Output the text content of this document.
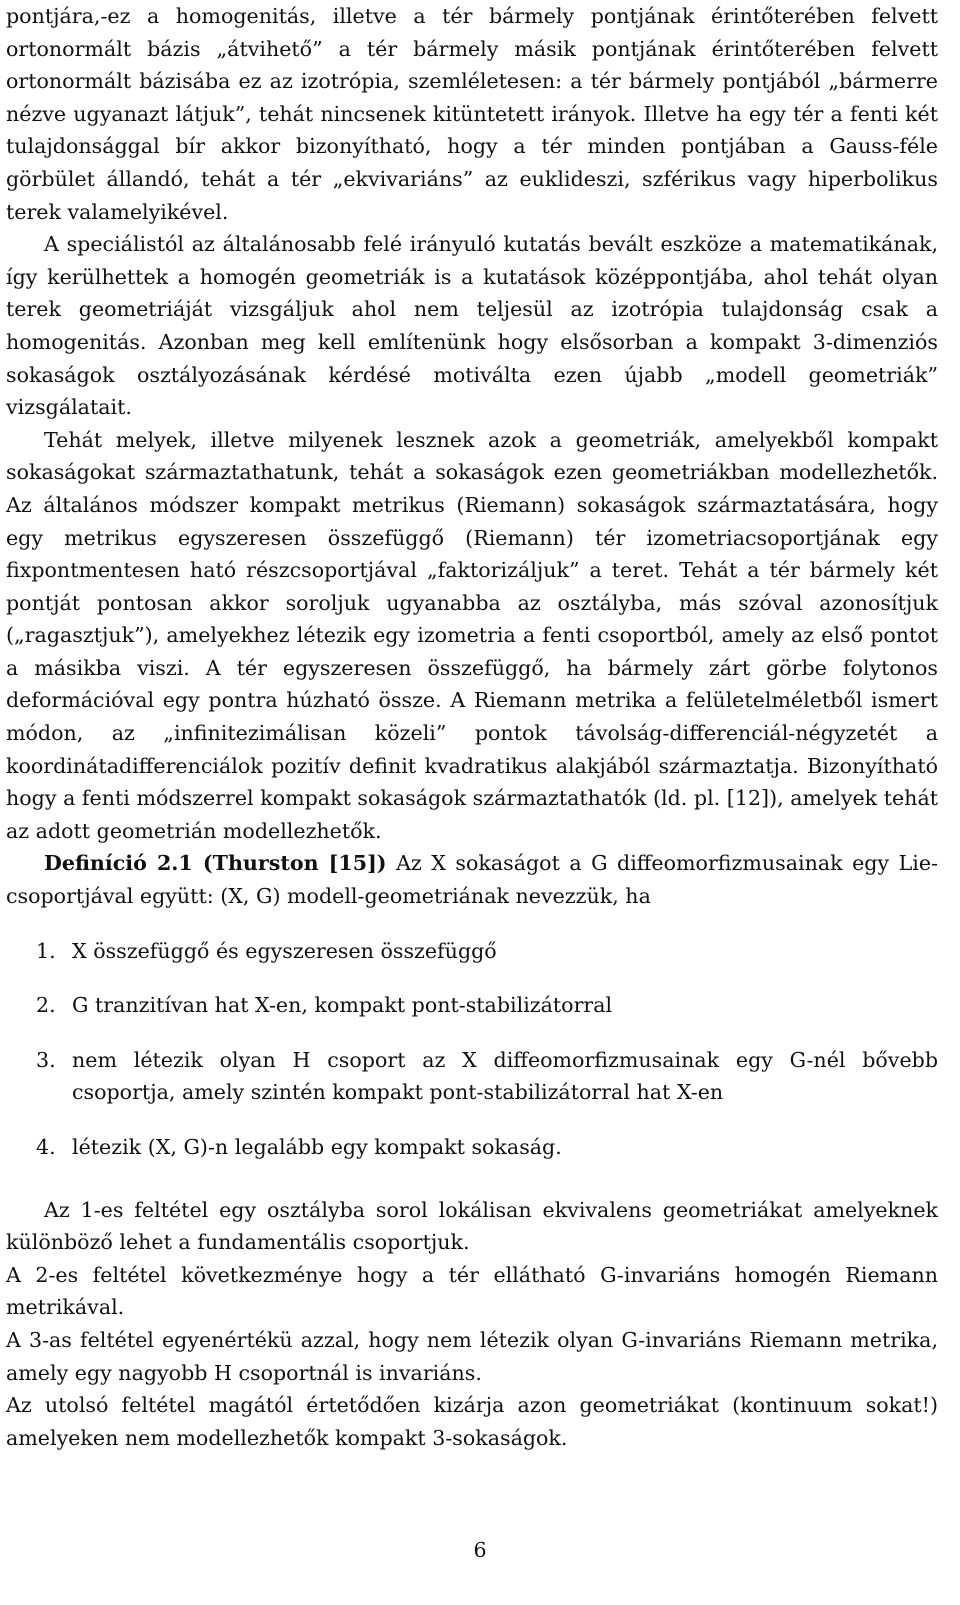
pontjára,-ez a homogenitás, illetve a tér bármely pontjának érintőterében felvett ortonormált bázis „átvihető” a tér bármely másik pontjának érintőterében felvett ortonormált bázisába ez az izotrópia, szemléletesen: a tér bármely pontjából „bármerre nézve ugyanazt látjuk”, tehát nincsenek kitüntetett irányok. Illetve ha egy tér a fenti két tulajdonsággal bír akkor bizonyítható, hogy a tér minden pontjában a Gauss-féle görbület állandó, tehát a tér „ekvivariáns” az euklideszi, szférikus vagy hiperbolikus terek valamelyikével.

A speciálistól az általánosabb felé irányuló kutatás bevált eszköze a matematikának, így kerülhettek a homogén geometriák is a kutatások középpontjába, ahol tehát olyan terek geometriáját vizsgáljuk ahol nem teljesül az izotrópia tulajdonság csak a homogenitás. Azonban meg kell említenünk hogy elsősorban a kompakt 3-dimenziós sokaságok osztályozásának kérdésé motiválta ezen újabb „modell geometriák” vizsgálatait.

Tehát melyek, illetve milyenek lesznek azok a geometriák, amelyekből kompakt sokaságokat származtathatunk, tehát a sokaságok ezen geometriákban modellezhetők. Az általános módszer kompakt metrikus (Riemann) sokaságok származtatására, hogy egy metrikus egyszeresen összefüggő (Riemann) tér izometriacsoportjának egy fixpontmentesen ható részcsoportjával „faktorizáljuk” a teret. Tehát a tér bármely két pontját pontosan akkor soroljuk ugyanabba az osztályba, más szóval azonosítjuk („ragasztjuk”), amelyekhez létezik egy izometria a fenti csoportból, amely az első pontot a másikba viszi. A tér egyszeresen összefüggő, ha bármely zárt görbe folytonos deformációval egy pontra húzható össze. A Riemann metrika a felületelméletből ismert módon, az „infinitezimálisan közeli” pontok távolság-differenciál-négyzetét a koordinátadifferenciálok pozitív definit kvadratikus alakjából származtatja. Bizonyítható hogy a fenti módszerrel kompakt sokaságok származtathatók (ld. pl. [12]), amelyek tehát az adott geometrián modellezhetők.

Definíció 2.1 (Thurston [15]) Az X sokaságot a G diffeomorfizmusainak egy Lie-csoportjával együtt: (X, G) modell-geometriának nevezzük, ha

1. X összefüggő és egyszeresen összefüggő
2. G tranzitívan hat X-en, kompakt pont-stabilizátorral
3. nem létezik olyan H csoport az X diffeomorfizmusainak egy G-nél bővebb csoportja, amely szintén kompakt pont-stabilizátorral hat X-en
4. létezik (X, G)-n legalább egy kompakt sokaság.

Az 1-es feltétel egy osztályba sorol lokálisan ekvivalens geometriákat amelyeknek különböző lehet a fundamentális csoportjuk.

A 2-es feltétel következménye hogy a tér ellátható G-invariáns homogén Riemann metrikával.

A 3-as feltétel egyenértékü azzal, hogy nem létezik olyan G-invariáns Riemann metrika, amely egy nagyobb H csoportnál is invariáns.

Az utolsó feltétel magától értetődően kizárja azon geometriákat (kontinuum sokat!) amelyeken nem modellezhetők kompakt 3-sokaságok.

6
